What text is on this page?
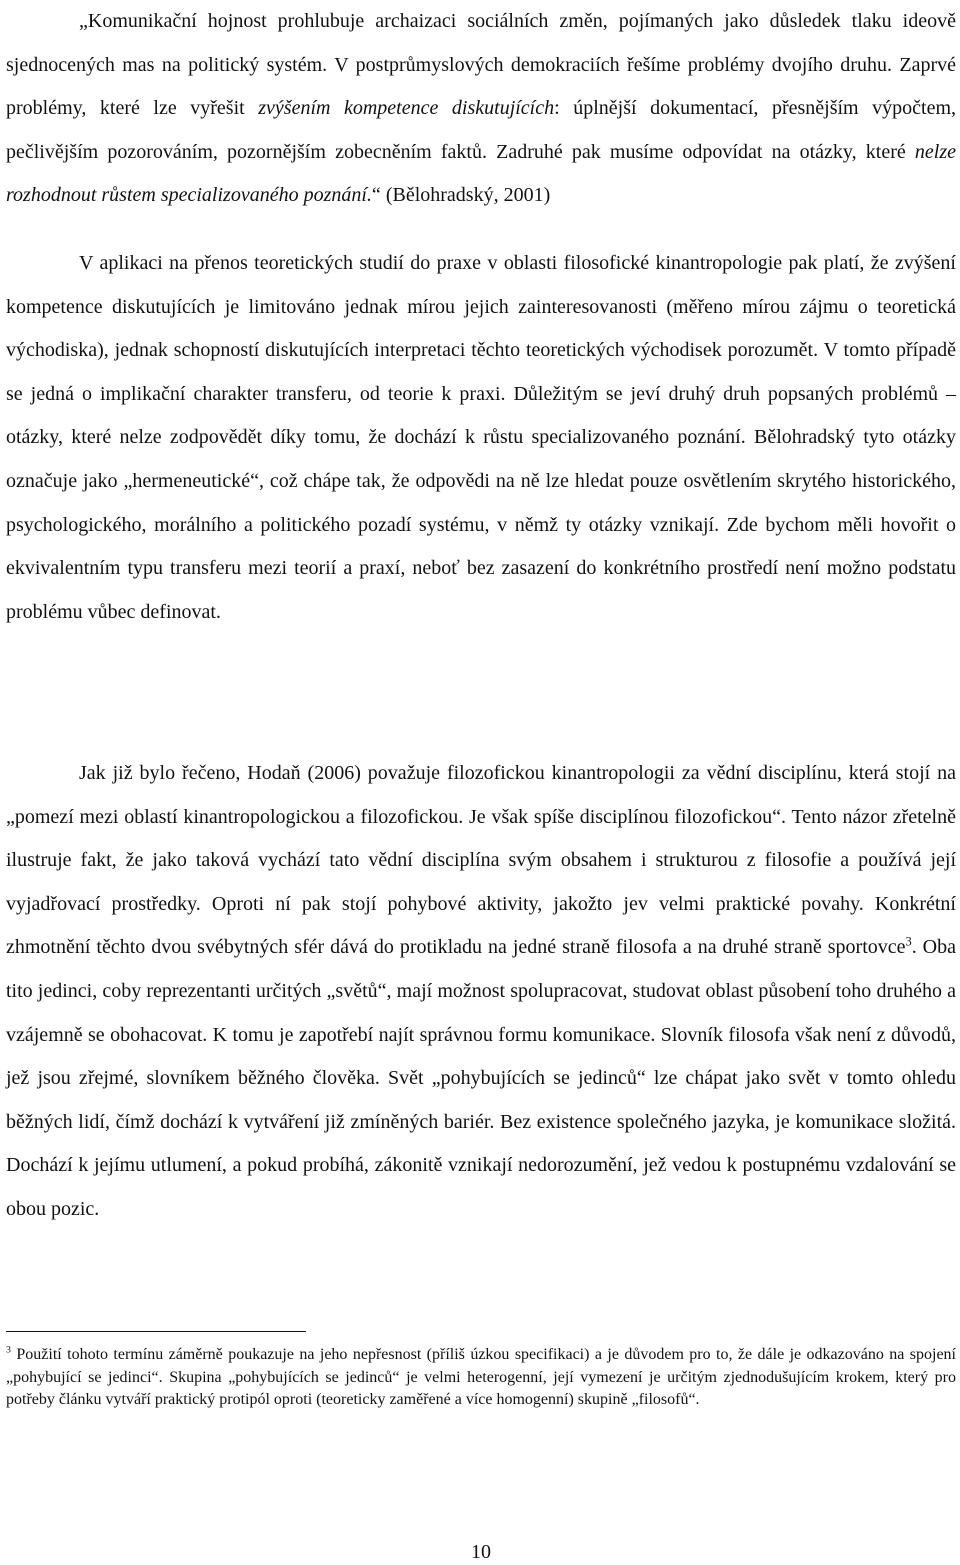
„Komunikační hojnost prohlubuje archaizaci sociálních změn, pojímaných jako důsledek tlaku ideově sjednocených mas na politický systém. V postprůmyslových demokraciích řešíme problémy dvojího druhu. Zaprvé problémy, které lze vyřešit zvýšením kompetence diskutujících: úplnější dokumentací, přesnějším výpočtem, pečlivějším pozorováním, pozornějším zobecněním faktů. Zadruhé pak musíme odpovídat na otázky, které nelze rozhodnout růstem specializovaného poznání.“ (Bělohradský, 2001)

V aplikaci na přenos teoretických studií do praxe v oblasti filosofické kinantropologie pak platí, že zvýšení kompetence diskutujících je limitováno jednak mírou jejich zainteresovanosti (měřeno mírou zájmu o teoretická východiska), jednak schopností diskutujících interpretaci těchto teoretických východisek porozumět. V tomto případě se jedná o implikační charakter transferu, od teorie k praxi. Důležitým se jeví druhý druh popsaných problémů – otázky, které nelze zodpovědět díky tomu, že dochází k růstu specializovaného poznání. Bělohradský tyto otázky označuje jako „hermeneutické“, což chápe tak, že odpovědi na ně lze hledat pouze osvětlením skrytého historického, psychologického, morálního a politického pozadí systému, v němž ty otázky vznikají. Zde bychom měli hovořit o ekvivalentním typu transferu mezi teorií a praxí, neboť bez zasazení do konkrétního prostředí není možno podstatu problému vůbec definovat.

Jak již bylo řečeno, Hodaň (2006) považuje filozofickou kinantropologii za vědní disciplínu, která stojí na „pomezí mezi oblastí kinantropologickou a filozofickou. Je však spíše disciplínou filozofickou“. Tento názor zřetelně ilustruje fakt, že jako taková vychází tato vědní disciplína svým obsahem i strukturou z filosofie a používá její vyjadřovací prostředky. Oproti ní pak stojí pohybové aktivity, jakožto jev velmi praktické povahy. Konkrétní zhmotnění těchto dvou svébytných sfér dává do protikladu na jedné straně filosofa a na druhé straně sportovce$^3$. Oba tito jedinci, coby reprezentanti určitých „světů“, mají možnost spolupracovat, studovat oblast působení toho druhého a vzájemně se obohacovat. K tomu je zapotřebí najít správnou formu komunikace. Slovník filosofa však není z důvodů, jež jsou zřejmé, slovníkem běžného člověka. Svět „pohybujících se jedinců“ lze chápat jako svět v tomto ohledu běžných lidí, čímž dochází k vytváření již zmíněných bariér. Bez existence společného jazyka, je komunikace složitá. Dochází k jejímu utlumení, a pokud probíhá, zákonitě vznikají nedorozumění, jež vedou k postupnému vzdalování se obou pozic.

$^3$ Použití tohoto termínu záměrně poukazuje na jeho nepřesnost (příliš úzkou specifikaci) a je důvodem pro to, že dále je odkazováno na spojení „pohybující se jedinci“. Skupina „pohybujících se jedinců“ je velmi heterogenní, její vymezení je určitým zjednodušujícím krokem, který pro potřeby článku vytváří praktický protipól oproti (teoreticky zaměřené a více homogenní) skupině „filosofů“.

10
